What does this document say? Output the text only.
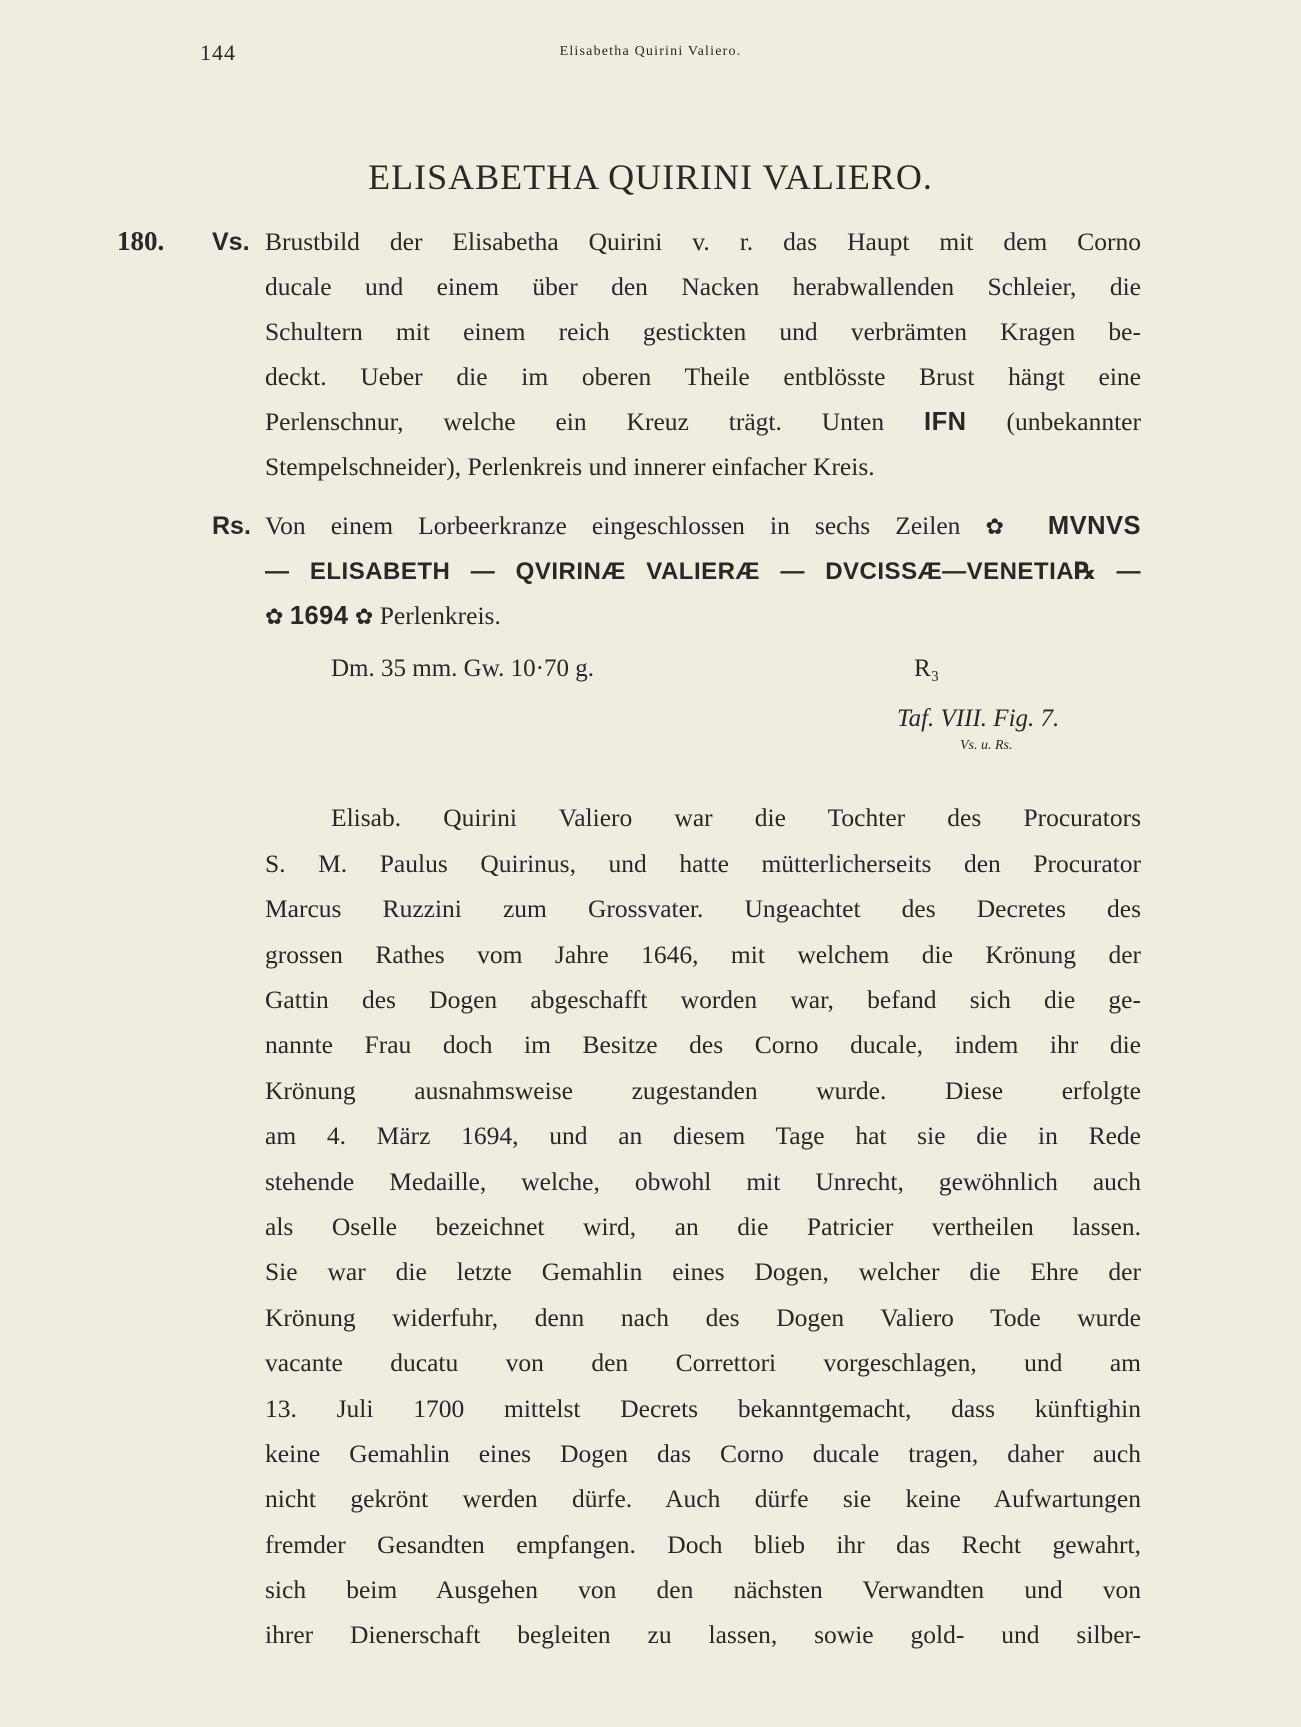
144	Elisabetha Quirini Valiero.
ELISABETHA QUIRINI VALIERO.
180. Vs. Brustbild der Elisabetha Quirini v. r. das Haupt mit dem Corno
ducale und einem über den Nacken herabwallenden Schleier, die
Schultern mit einem reich gestickten und verbrämten Kragen be-
deckt. Ueber die im oberen Theile entblösste Brust hängt eine
Perlenschnur, welche ein Kreuz trägt. Unten IFN (unbekannter
Stempelschneider), Perlenkreis und innerer einfacher Kreis.
Rs. Von einem Lorbeerkranze eingeschlossen in sechs Zeilen ✿ MVNVS
— ELISABETH — QVIRINÆ VALIERÆ — DVCISSÆ—VENETIA℞ —
✿ 1694 ✿ Perlenkreis.
Dm. 35 mm. Gw. 10·70 g.	R₃
Taf. VIII. Fig. 7.
Vs. u. Rs.
Elisab. Quirini Valiero war die Tochter des Procurators
S. M. Paulus Quirinus, und hatte mütterlicherseits den Procurator
Marcus Ruzzini zum Grossvater. Ungeachtet des Decretes des
grossen Rathes vom Jahre 1646, mit welchem die Krönung der
Gattin des Dogen abgeschafft worden war, befand sich die ge-
nannte Frau doch im Besitze des Corno ducale, indem ihr die
Krönung ausnahmsweise zugestanden wurde. Diese erfolgte
am 4. März 1694, und an diesem Tage hat sie die in Rede
stehende Medaille, welche, obwohl mit Unrecht, gewöhnlich auch
als Oselle bezeichnet wird, an die Patricier vertheilen lassen.
Sie war die letzte Gemahlin eines Dogen, welcher die Ehre der
Krönung widerfuhr, denn nach des Dogen Valiero Tode wurde
vacante ducatu von den Correttori vorgeschlagen, und am
13. Juli 1700 mittelst Decrets bekanntgemacht, dass künftighin
keine Gemahlin eines Dogen das Corno ducale tragen, daher auch
nicht gekrönt werden dürfe. Auch dürfe sie keine Aufwartungen
fremder Gesandten empfangen. Doch blieb ihr das Recht gewahrt,
sich beim Ausgehen von den nächsten Verwandten und von
ihrer Dienerschaft begleiten zu lassen, sowie gold- und silber-
